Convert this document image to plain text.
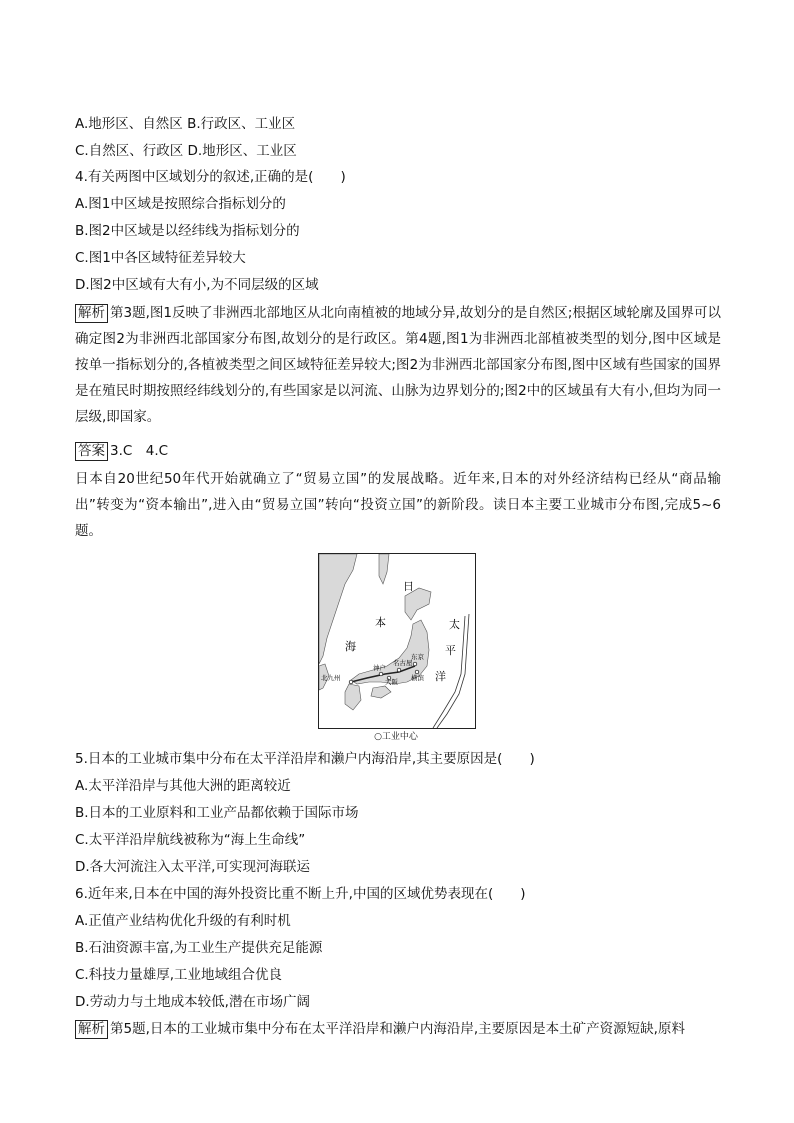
A.地形区、自然区 B.行政区、工业区
C.自然区、行政区 D.地形区、工业区
4.有关两图中区域划分的叙述,正确的是(　　)
A.图1中区域是按照综合指标划分的
B.图2中区域是以经纬线为指标划分的
C.图1中各区域特征差异较大
D.图2中区域有大有小,为不同层级的区域
解析 第3题,图1反映了非洲西北部地区从北向南植被的地域分异,故划分的是自然区;根据区域轮廓及国界可以确定图2为非洲西北部国家分布图,故划分的是行政区。第4题,图1为非洲西北部植被类型的划分,图中区域是按单一指标划分的,各植被类型之间区域特征差异较大;图2为非洲西北部国家分布图,图中区域有些国家的国界是在殖民时期按照经纬线划分的,有些国家是以河流、山脉为边界划分的;图2中的区域虽有大有小,但均为同一层级,即国家。
答案 3.C　4.C
日本自20世纪50年代开始就确立了“贸易立国”的发展战略。近年来,日本的对外经济结构已经从“商品输出”转变为“资本输出”,进入由“贸易立国”转向“投资立国”的新阶段。读日本主要工业城市分布图,完成5~6题。
日
本
海
太
平
洋
东京
名古屋
神户
大阪 横滨
北九州
○工业中心
5.日本的工业城市集中分布在太平洋沿岸和濑户内海沿岸,其主要原因是(　　)
A.太平洋沿岸与其他大洲的距离较近
B.日本的工业原料和工业产品都依赖于国际市场
C.太平洋沿岸航线被称为“海上生命线”
D.各大河流注入太平洋,可实现河海联运
6.近年来,日本在中国的海外投资比重不断上升,中国的区域优势表现在(　　)
A.正值产业结构优化升级的有利时机
B.石油资源丰富,为工业生产提供充足能源
C.科技力量雄厚,工业地域组合优良
D.劳动力与土地成本较低,潜在市场广阔
解析 第5题,日本的工业城市集中分布在太平洋沿岸和濑户内海沿岸,主要原因是本土矿产资源短缺,原料
